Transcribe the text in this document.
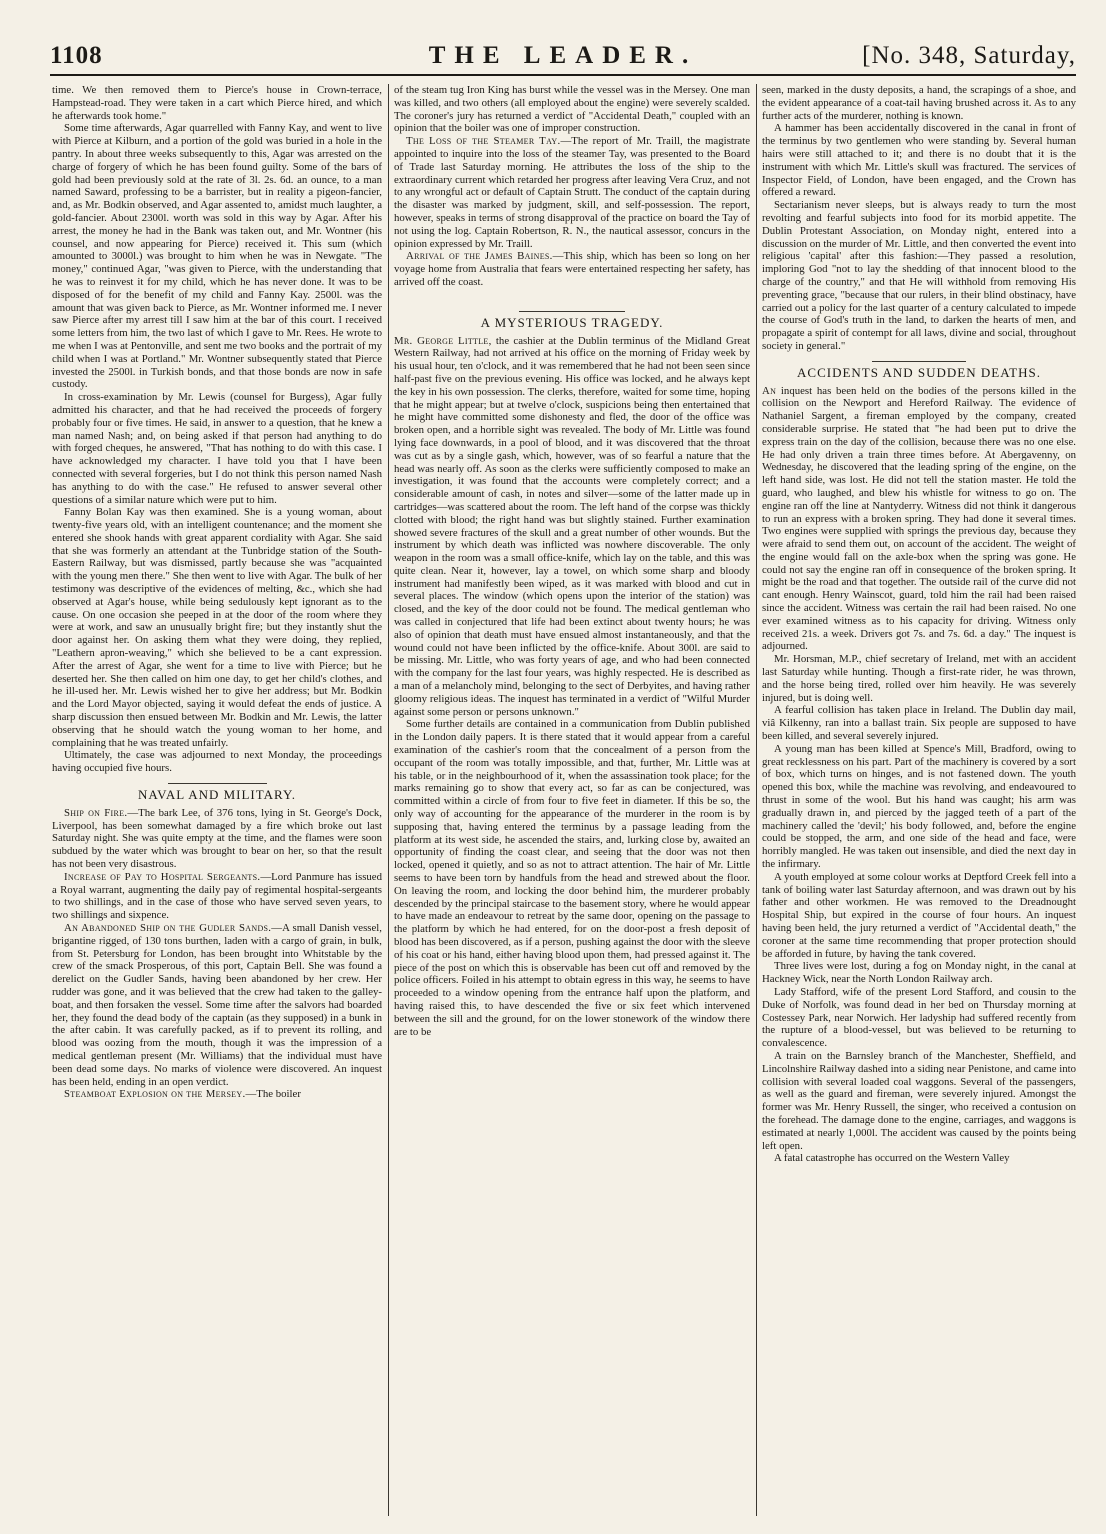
1108	THE LEADER.	[No. 348, Saturday,

time. We then removed them to Pierce's house in Crown-terrace, Hampstead-road. They were taken in a cart which Pierce hired, and which he afterwards took home."

Some time afterwards, Agar quarrelled with Fanny Kay, and went to live with Pierce at Kilburn, and a portion of the gold was buried in a hole in the pantry. In about three weeks subsequently to this, Agar was arrested on the charge of forgery of which he has been found guilty. Some of the bars of gold had been previously sold at the rate of 3l. 2s. 6d. an ounce, to a man named Saward, professing to be a barrister, but in reality a pigeon-fancier, and, as Mr. Bodkin observed, and Agar assented to, amidst much laughter, a gold-fancier. About 2300l. worth was sold in this way by Agar. After his arrest, the money he had in the Bank was taken out, and Mr. Wontner (his counsel, and now appearing for Pierce) received it. This sum (which amounted to 3000l.) was brought to him when he was in Newgate. "The money," continued Agar, "was given to Pierce, with the understanding that he was to reinvest it for my child, which he has never done. It was to be disposed of for the benefit of my child and Fanny Kay. 2500l. was the amount that was given back to Pierce, as Mr. Wontner informed me. I never saw Pierce after my arrest till I saw him at the bar of this court. I received some letters from him, the two last of which I gave to Mr. Rees. He wrote to me when I was at Pentonville, and sent me two books and the portrait of my child when I was at Portland." Mr. Wontner subsequently stated that Pierce invested the 2500l. in Turkish bonds, and that those bonds are now in safe custody.

In cross-examination by Mr. Lewis (counsel for Burgess), Agar fully admitted his character, and that he had received the proceeds of forgery probably four or five times. He said, in answer to a question, that he knew a man named Nash; and, on being asked if that person had anything to do with forged cheques, he answered, "That has nothing to do with this case. I have acknowledged my character. I have told you that I have been connected with several forgeries, but I do not think this person named Nash has anything to do with the case." He refused to answer several other questions of a similar nature which were put to him.

Fanny Bolan Kay was then examined. She is a young woman, about twenty-five years old, with an intelligent countenance; and the moment she entered she shook hands with great apparent cordiality with Agar. She said that she was formerly an attendant at the Tunbridge station of the South-Eastern Railway, but was dismissed, partly because she was "acquainted with the young men there." She then went to live with Agar. The bulk of her testimony was descriptive of the evidences of melting, &c., which she had observed at Agar's house, while being sedulously kept ignorant as to the cause. On one occasion she peeped in at the door of the room where they were at work, and saw an unusually bright fire; but they instantly shut the door against her. On asking them what they were doing, they replied, "Leathern apron-weaving," which she believed to be a cant expression. After the arrest of Agar, she went for a time to live with Pierce; but he deserted her. She then called on him one day, to get her child's clothes, and he ill-used her. Mr. Lewis wished her to give her address; but Mr. Bodkin and the Lord Mayor objected, saying it would defeat the ends of justice. A sharp discussion then ensued between Mr. Bodkin and Mr. Lewis, the latter observing that he should watch the young woman to her home, and complaining that he was treated unfairly.

Ultimately, the case was adjourned to next Monday, the proceedings having occupied five hours.

NAVAL AND MILITARY.

Ship on Fire.—The bark Lee, of 376 tons, lying in St. George's Dock, Liverpool, has been somewhat damaged by a fire which broke out last Saturday night. She was quite empty at the time, and the flames were soon subdued by the water which was brought to bear on her, so that the result has not been very disastrous.

Increase of Pay to Hospital Sergeants.—Lord Panmure has issued a Royal warrant, augmenting the daily pay of regimental hospital-sergeants to two shillings, and in the case of those who have served seven years, to two shillings and sixpence.

An Abandoned Ship on the Gudler Sands.—A small Danish vessel, brigantine rigged, of 130 tons burthen, laden with a cargo of grain, in bulk, from St. Petersburg for London, has been brought into Whitstable by the crew of the smack Prosperous, of this port, Captain Bell. She was found a derelict on the Gudler Sands, having been abandoned by her crew. Her rudder was gone, and it was believed that the crew had taken to the galley-boat, and then forsaken the vessel. Some time after the salvors had boarded her, they found the dead body of the captain (as they supposed) in a bunk in the after cabin. It was carefully packed, as if to prevent its rolling, and blood was oozing from the mouth, though it was the impression of a medical gentleman present (Mr. Williams) that the individual must have been dead some days. No marks of violence were discovered. An inquest has been held, ending in an open verdict.

Steamboat Explosion on the Mersey.—The boiler

of the steam tug Iron King has burst while the vessel was in the Mersey. One man was killed, and two others (all employed about the engine) were severely scalded. The coroner's jury has returned a verdict of "Accidental Death," coupled with an opinion that the boiler was one of improper construction.

The Loss of the Steamer Tay.—The report of Mr. Traill, the magistrate appointed to inquire into the loss of the steamer Tay, was presented to the Board of Trade last Saturday morning. He attributes the loss of the ship to the extraordinary current which retarded her progress after leaving Vera Cruz, and not to any wrongful act or default of Captain Strutt. The conduct of the captain during the disaster was marked by judgment, skill, and self-possession. The report, however, speaks in terms of strong disapproval of the practice on board the Tay of not using the log. Captain Robertson, R. N., the nautical assessor, concurs in the opinion expressed by Mr. Traill.

Arrival of the James Baines.—This ship, which has been so long on her voyage home from Australia that fears were entertained respecting her safety, has arrived off the coast.

A MYSTERIOUS TRAGEDY.

Mr. George Little, the cashier at the Dublin terminus of the Midland Great Western Railway, had not arrived at his office on the morning of Friday week by his usual hour, ten o'clock, and it was remembered that he had not been seen since half-past five on the previous evening. His office was locked, and he always kept the key in his own possession. The clerks, therefore, waited for some time, hoping that he might appear; but at twelve o'clock, suspicions being then entertained that he might have committed some dishonesty and fled, the door of the office was broken open, and a horrible sight was revealed. The body of Mr. Little was found lying face downwards, in a pool of blood, and it was discovered that the throat was cut as by a single gash, which, however, was of so fearful a nature that the head was nearly off. As soon as the clerks were sufficiently composed to make an investigation, it was found that the accounts were completely correct; and a considerable amount of cash, in notes and silver—some of the latter made up in cartridges—was scattered about the room. The left hand of the corpse was thickly clotted with blood; the right hand was but slightly stained. Further examination showed severe fractures of the skull and a great number of other wounds. But the instrument by which death was inflicted was nowhere discoverable. The only weapon in the room was a small office-knife, which lay on the table, and this was quite clean. Near it, however, lay a towel, on which some sharp and bloody instrument had manifestly been wiped, as it was marked with blood and cut in several places. The window (which opens upon the interior of the station) was closed, and the key of the door could not be found. The medical gentleman who was called in conjectured that life had been extinct about twenty hours; he was also of opinion that death must have ensued almost instantaneously, and that the wound could not have been inflicted by the office-knife. About 300l. are said to be missing. Mr. Little, who was forty years of age, and who had been connected with the company for the last four years, was highly respected. He is described as a man of a melancholy mind, belonging to the sect of Derbyites, and having rather gloomy religious ideas. The inquest has terminated in a verdict of "Wilful Murder against some person or persons unknown."

Some further details are contained in a communication from Dublin published in the London daily papers. It is there stated that it would appear from a careful examination of the cashier's room that the concealment of a person from the occupant of the room was totally impossible, and that, further, Mr. Little was at his table, or in the neighbourhood of it, when the assassination took place; for the marks remaining go to show that every act, so far as can be conjectured, was committed within a circle of from four to five feet in diameter. If this be so, the only way of accounting for the appearance of the murderer in the room is by supposing that, having entered the terminus by a passage leading from the platform at its west side, he ascended the stairs, and, lurking close by, awaited an opportunity of finding the coast clear, and seeing that the door was not then locked, opened it quietly, and so as not to attract attention. The hair of Mr. Little seems to have been torn by handfuls from the head and strewed about the floor. On leaving the room, and locking the door behind him, the murderer probably descended by the principal staircase to the basement story, where he would appear to have made an endeavour to retreat by the same door, opening on the passage to the platform by which he had entered, for on the door-post a fresh deposit of blood has been discovered, as if a person, pushing against the door with the sleeve of his coat or his hand, either having blood upon them, had pressed against it. The piece of the post on which this is observable has been cut off and removed by the police officers. Foiled in his attempt to obtain egress in this way, he seems to have proceeded to a window opening from the entrance half upon the platform, and having raised this, to have descended the five or six feet which intervened between the sill and the ground, for on the lower stonework of the window there are to be

seen, marked in the dusty deposits, a hand, the scrapings of a shoe, and the evident appearance of a coat-tail having brushed across it. As to any further acts of the murderer, nothing is known.

A hammer has been accidentally discovered in the canal in front of the terminus by two gentlemen who were standing by. Several human hairs were still attached to it; and there is no doubt that it is the instrument with which Mr. Little's skull was fractured. The services of Inspector Field, of London, have been engaged, and the Crown has offered a reward.

Sectarianism never sleeps, but is always ready to turn the most revolting and fearful subjects into food for its morbid appetite. The Dublin Protestant Association, on Monday night, entered into a discussion on the murder of Mr. Little, and then converted the event into religious 'capital' after this fashion:—They passed a resolution, imploring God "not to lay the shedding of that innocent blood to the charge of the country," and that He will withhold from removing His preventing grace, "because that our rulers, in their blind obstinacy, have carried out a policy for the last quarter of a century calculated to impede the course of God's truth in the land, to darken the hearts of men, and propagate a spirit of contempt for all laws, divine and social, throughout society in general."

ACCIDENTS AND SUDDEN DEATHS.

An inquest has been held on the bodies of the persons killed in the collision on the Newport and Hereford Railway. The evidence of Nathaniel Sargent, a fireman employed by the company, created considerable surprise. He stated that "he had been put to drive the express train on the day of the collision, because there was no one else. He had only driven a train three times before. At Abergavenny, on Wednesday, he discovered that the leading spring of the engine, on the left hand side, was lost. He did not tell the station master. He told the guard, who laughed, and blew his whistle for witness to go on. The engine ran off the line at Nantyderry. Witness did not think it dangerous to run an express with a broken spring. They had done it several times. Two engines were supplied with springs the previous day, because they were afraid to send them out, on account of the accident. The weight of the engine would fall on the axle-box when the spring was gone. He could not say the engine ran off in consequence of the broken spring. It might be the road and that together. The outside rail of the curve did not cant enough. Henry Wainscot, guard, told him the rail had been raised since the accident. Witness was certain the rail had been raised. No one ever examined witness as to his capacity for driving. Witness only received 21s. a week. Drivers got 7s. and 7s. 6d. a day." The inquest is adjourned.

Mr. Horsman, M.P., chief secretary of Ireland, met with an accident last Saturday while hunting. Though a first-rate rider, he was thrown, and the horse being tired, rolled over him heavily. He was severely injured, but is doing well.

A fearful collision has taken place in Ireland. The Dublin day mail, viâ Kilkenny, ran into a ballast train. Six people are supposed to have been killed, and several severely injured.

A young man has been killed at Spence's Mill, Bradford, owing to great recklessness on his part. Part of the machinery is covered by a sort of box, which turns on hinges, and is not fastened down. The youth opened this box, while the machine was revolving, and endeavoured to thrust in some of the wool. But his hand was caught; his arm was gradually drawn in, and pierced by the jagged teeth of a part of the machinery called the 'devil;' his body followed, and, before the engine could be stopped, the arm, and one side of the head and face, were horribly mangled. He was taken out insensible, and died the next day in the infirmary.

A youth employed at some colour works at Deptford Creek fell into a tank of boiling water last Saturday afternoon, and was drawn out by his father and other workmen. He was removed to the Dreadnought Hospital Ship, but expired in the course of four hours. An inquest having been held, the jury returned a verdict of "Accidental death," the coroner at the same time recommending that proper protection should be afforded in future, by having the tank covered.

Three lives were lost, during a fog on Monday night, in the canal at Hackney Wick, near the North London Railway arch.

Lady Stafford, wife of the present Lord Stafford, and cousin to the Duke of Norfolk, was found dead in her bed on Thursday morning at Costessey Park, near Norwich. Her ladyship had suffered recently from the rupture of a blood-vessel, but was believed to be returning to convalescence.

A train on the Barnsley branch of the Manchester, Sheffield, and Lincolnshire Railway dashed into a siding near Penistone, and came into collision with several loaded coal waggons. Several of the passengers, as well as the guard and fireman, were severely injured. Amongst the former was Mr. Henry Russell, the singer, who received a contusion on the forehead. The damage done to the engine, carriages, and waggons is estimated at nearly 1,000l. The accident was caused by the points being left open.

A fatal catastrophe has occurred on the Western Valley
